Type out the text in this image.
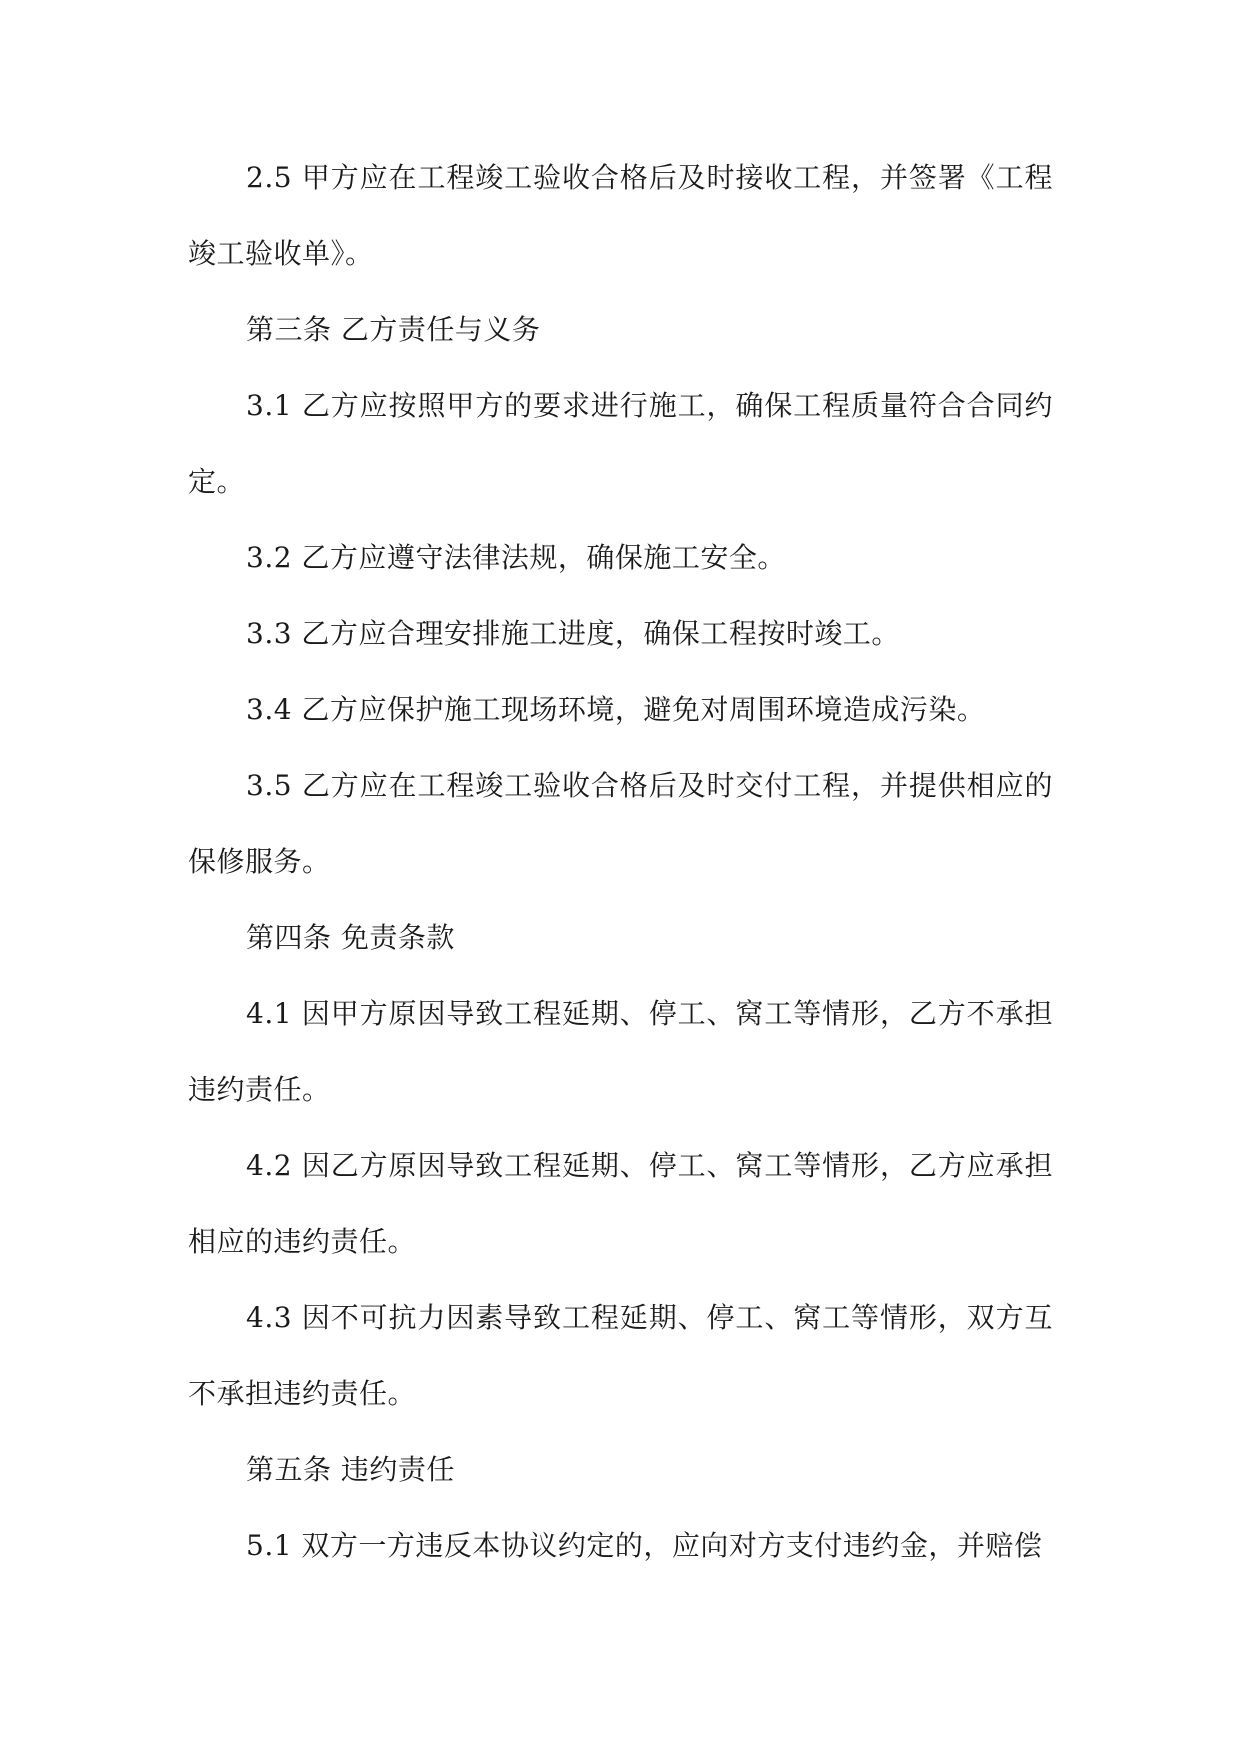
2.5 甲方应在工程竣工验收合格后及时接收工程，并签署《工程竣工验收单》。

第三条 乙方责任与义务

3.1 乙方应按照甲方的要求进行施工，确保工程质量符合合同约定。

3.2 乙方应遵守法律法规，确保施工安全。

3.3 乙方应合理安排施工进度，确保工程按时竣工。

3.4 乙方应保护施工现场环境，避免对周围环境造成污染。

3.5 乙方应在工程竣工验收合格后及时交付工程，并提供相应的保修服务。

第四条 免责条款

4.1 因甲方原因导致工程延期、停工、窝工等情形，乙方不承担违约责任。

4.2 因乙方原因导致工程延期、停工、窝工等情形，乙方应承担相应的违约责任。

4.3 因不可抗力因素导致工程延期、停工、窝工等情形，双方互不承担违约责任。

第五条 违约责任

5.1 双方一方违反本协议约定的，应向对方支付违约金，并赔偿
